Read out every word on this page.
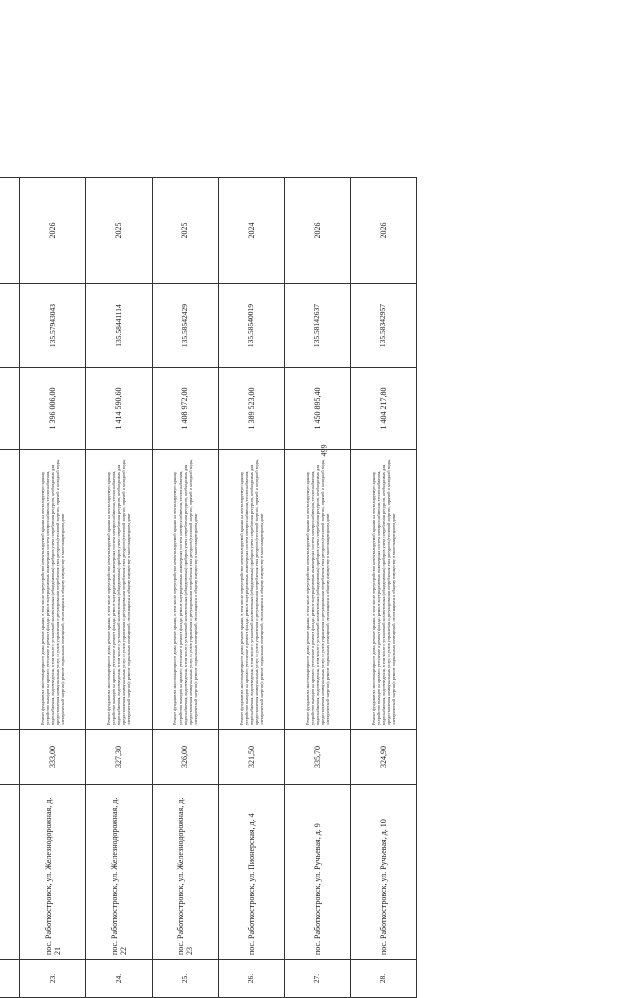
499

23.	пос. Работкостровск, ул. Железнодорожная, д. 21	333,00	Ремонт фундамента многоквартирного дома; ремонт крыши, в том числе переустройство невентилируемой крыши на вентилируемую крышу, устройство выходов на кровлю; утепление и ремонт фасада; ремонт внутридомовых инженерных систем электроснабжения, теплоснабжения, водоснабжения, водоотведения, в том числе с установкой коллективных (общедомовых) приборов учета потребления ресурсов, необходимых для предоставления коммунальных услуг, и узлов управления и регулирования потребления этих ресурсов (тепловой энергии, горячей и холодной воды, электрической энергии); ремонт подвальных помещений, относящихся к общему имуществу в многоквартирном доме	1 396 006,00	135.57943043	2026
24.	пос. Работкостровск, ул. Железнодорожная, д. 22	327,30	Ремонт фундамента многоквартирного дома; ремонт крыши, в том числе переустройство невентилируемой крыши на вентилируемую крышу, устройство выходов на кровлю; утепление и ремонт фасада; ремонт внутридомовых инженерных систем электроснабжения, теплоснабжения, водоснабжения, водоотведения, в том числе с установкой коллективных (общедомовых) приборов учета потребления ресурсов, необходимых для предоставления коммунальных услуг, и узлов управления и регулирования потребления этих ресурсов (тепловой энергии, горячей и холодной воды, электрической энергии); ремонт подвальных помещений, относящихся к общему имуществу в многоквартирном доме	1 414 590,60	135.58441114	2025
25.	пос. Работкостровск, ул. Железнодорожная, д. 23	326,00	Ремонт фундамента многоквартирного дома; ремонт крыши, в том числе переустройство невентилируемой крыши на вентилируемую крышу, устройство выходов на кровлю; утепление и ремонт фасада; ремонт внутридомовых инженерных систем электроснабжения, теплоснабжения, водоснабжения, водоотведения, в том числе с установкой коллективных (общедомовых) приборов учета потребления ресурсов, необходимых для предоставления коммунальных услуг, и узлов управления и регулирования потребления этих ресурсов (тепловой энергии, горячей и холодной воды, электрической энергии); ремонт подвальных помещений, относящихся к общему имуществу в многоквартирном доме	1 408 972,00	135.58542429	2025
26.	пос. Работкостровск, ул. Пионерская, д. 4	321,50	Ремонт фундамента многоквартирного дома; ремонт крыши, в том числе переустройство невентилируемой крыши на вентилируемую крышу, устройство выходов на кровлю; утепление и ремонт фасада; ремонт внутридомовых инженерных систем электроснабжения, теплоснабжения, водоснабжения, водоотведения, в том числе с установкой коллективных (общедомовых) приборов учета потребления ресурсов, необходимых для предоставления коммунальных услуг, и узлов управления и регулирования потребления этих ресурсов (тепловой энергии, горячей и холодной воды, электрической энергии); ремонт подвальных помещений, относящихся к общему имуществу в многоквартирном доме	1 389 523,00	135.58540019	2024
27.	пос. Работкостровск, ул. Ручьевая, д. 9	335,70	Ремонт фундамента многоквартирного дома; ремонт крыши, в том числе переустройство невентилируемой крыши на вентилируемую крышу, устройство выходов на кровлю; утепление и ремонт фасада; ремонт внутридомовых инженерных систем электроснабжения, теплоснабжения, водоснабжения, водоотведения, в том числе с установкой коллективных (общедомовых) приборов учета потребления ресурсов, необходимых для предоставления коммунальных услуг, и узлов управления и регулирования потребления этих ресурсов (тепловой энергии, горячей и холодной воды, электрической энергии); ремонт подвальных помещений, относящихся к общему имуществу в многоквартирном доме	1 450 895,40	135.58142637	2026
28.	пос. Работкостровск, ул. Ручьевая, д. 10	324,90	Ремонт фундамента многоквартирного дома; ремонт крыши, в том числе переустройство невентилируемой крыши на вентилируемую крышу, устройство выходов на кровлю; утепление и ремонт фасада; ремонт внутридомовых инженерных систем электроснабжения, теплоснабжения, водоснабжения, водоотведения, в том числе с установкой коллективных (общедомовых) приборов учета потребления ресурсов, необходимых для предоставления коммунальных услуг, и узлов управления и регулирования потребления этих ресурсов (тепловой энергии, горячей и холодной воды, электрической энергии); ремонт подвальных помещений, относящихся к общему имуществу в многоквартирном доме	1 404 217,80	135.58342957	2026
